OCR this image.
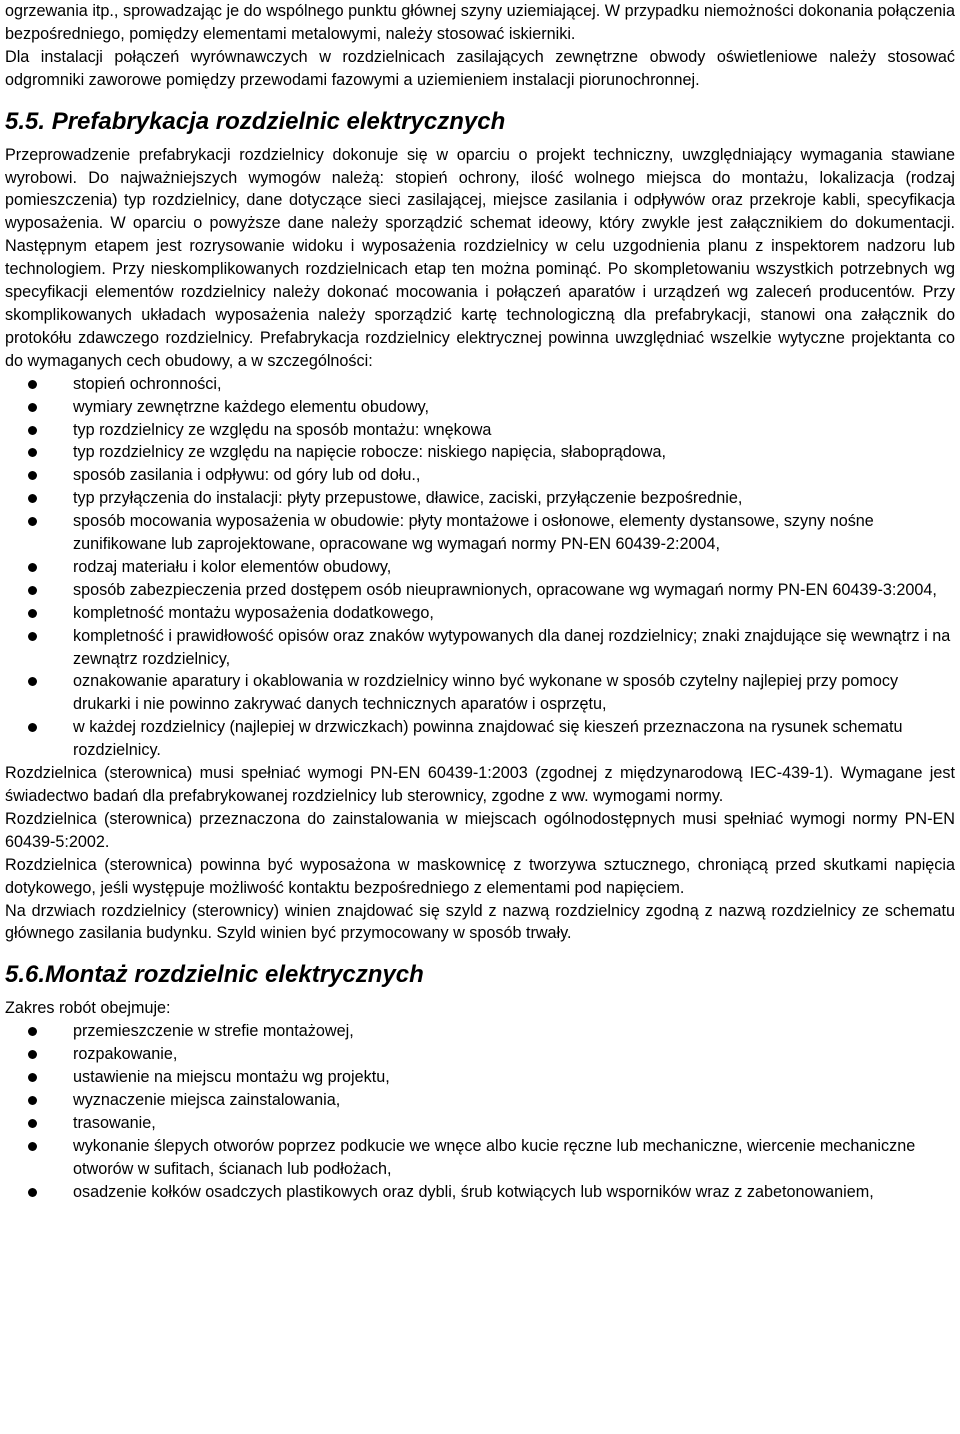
ogrzewania itp., sprowadzając je do wspólnego punktu głównej szyny uziemiającej. W przypadku niemożności dokonania połączenia bezpośredniego, pomiędzy elementami metalowymi, należy stosować iskierniki.

Dla instalacji połączeń wyrównawczych w rozdzielnicach zasilających zewnętrzne obwody oświetleniowe należy stosować odgromniki zaworowe pomiędzy przewodami fazowymi a uziemieniem instalacji piorunochronnej.

5.5. Prefabrykacja rozdzielnic elektrycznych

Przeprowadzenie prefabrykacji rozdzielnicy dokonuje się w oparciu o projekt techniczny, uwzględniający wymagania stawiane wyrobowi. Do najważniejszych wymogów należą: stopień ochrony, ilość wolnego miejsca do montażu, lokalizacja (rodzaj pomieszczenia) typ rozdzielnicy, dane dotyczące sieci zasilającej, miejsce zasilania i odpływów oraz przekroje kabli, specyfikacja wyposażenia. W oparciu o powyższe dane należy sporządzić schemat ideowy, który zwykle jest załącznikiem do dokumentacji. Następnym etapem jest rozrysowanie widoku i wyposażenia rozdzielnicy w celu uzgodnienia planu z inspektorem nadzoru lub technologiem. Przy nieskomplikowanych rozdzielnicach etap ten można pominąć. Po skompletowaniu wszystkich potrzebnych wg specyfikacji elementów rozdzielnicy należy dokonać mocowania i połączeń aparatów i urządzeń wg zaleceń producentów. Przy skomplikowanych układach wyposażenia należy sporządzić kartę technologiczną dla prefabrykacji, stanowi ona załącznik do protokółu zdawczego rozdzielnicy. Prefabrykacja rozdzielnicy elektrycznej powinna uwzględniać wszelkie wytyczne projektanta co do wymaganych cech obudowy, a w szczególności:

stopień ochronności,
wymiary zewnętrzne każdego elementu obudowy,
typ rozdzielnicy ze względu na sposób montażu: wnękowa
typ rozdzielnicy ze względu na napięcie robocze: niskiego napięcia, słaboprądowa,
sposób zasilania i odpływu: od góry lub od dołu.,
typ przyłączenia do instalacji: płyty przepustowe, dławice, zaciski, przyłączenie bezpośrednie,
sposób mocowania wyposażenia w obudowie: płyty montażowe i osłonowe, elementy dystansowe, szyny nośne zunifikowane lub zaprojektowane, opracowane wg wymagań normy PN-EN 60439-2:2004,
rodzaj materiału i kolor elementów obudowy,
sposób zabezpieczenia przed dostępem osób nieuprawnionych, opracowane wg wymagań normy PN-EN 60439-3:2004,
kompletność montażu wyposażenia dodatkowego,
kompletność i prawidłowość opisów oraz znaków wytypowanych dla danej rozdzielnicy; znaki znajdujące się wewnątrz i na zewnątrz rozdzielnicy,
oznakowanie aparatury i okablowania w rozdzielnicy winno być wykonane w sposób czytelny najlepiej przy pomocy drukarki i nie powinno zakrywać danych technicznych aparatów i osprzętu,
w każdej rozdzielnicy (najlepiej w drzwiczkach) powinna znajdować się kieszeń przeznaczona na rysunek schematu rozdzielnicy.

Rozdzielnica (sterownica) musi spełniać wymogi PN-EN 60439-1:2003 (zgodnej z międzynarodową IEC-439-1). Wymagane jest świadectwo badań dla prefabrykowanej rozdzielnicy lub sterownicy, zgodne z ww. wymogami normy.

Rozdzielnica (sterownica) przeznaczona do zainstalowania w miejscach ogólnodostępnych musi spełniać wymogi normy PN-EN 60439-5:2002.

Rozdzielnica (sterownica) powinna być wyposażona w maskownicę z tworzywa sztucznego, chroniącą przed skutkami napięcia dotykowego, jeśli występuje możliwość kontaktu bezpośredniego z elementami pod napięciem.

Na drzwiach rozdzielnicy (sterownicy) winien znajdować się szyld z nazwą rozdzielnicy zgodną z nazwą rozdzielnicy ze schematu głównego zasilania budynku. Szyld winien być przymocowany w sposób trwały.

5.6.Montaż rozdzielnic elektrycznych

Zakres robót obejmuje:

przemieszczenie w strefie montażowej,
rozpakowanie,
ustawienie na miejscu montażu wg projektu,
wyznaczenie miejsca zainstalowania,
trasowanie,
wykonanie ślepych otworów poprzez podkucie we wnęce albo kucie ręczne lub mechaniczne, wiercenie mechaniczne otworów w sufitach, ścianach lub podłożach,
osadzenie kołków osadczych plastikowych oraz dybli, śrub kotwiących lub wsporników wraz z zabetonowaniem,
